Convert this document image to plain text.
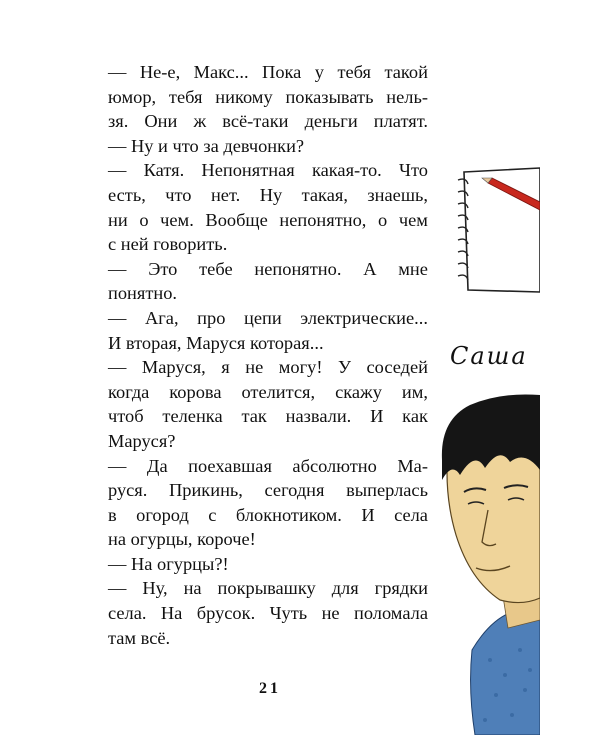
— Не-е, Макс... Пока у тебя такой
юмор, тебя никому показывать нель-
зя. Они ж всё-таки деньги платят.
— Ну и что за девчонки?
— Катя. Непонятная какая-то. Что
есть, что нет. Ну такая, знаешь,
ни о чем. Вообще непонятно, о чем
с ней говорить.
— Это тебе непонятно. А мне
понятно.
— Ага, про цепи электрические...
И вторая, Маруся которая...
— Маруся, я не могу! У соседей
когда корова отелится, скажу им,
чтоб теленка так назвали. И как
Маруся?
— Да поехавшая абсолютно Ма-
руся. Прикинь, сегодня выперлась
в огород с блокнотиком. И села
на огурцы, короче!
— На огурцы?!
— Ну, на покрывашку для грядки
села. На брусок. Чуть не поломала
там всё.
Саша
21
